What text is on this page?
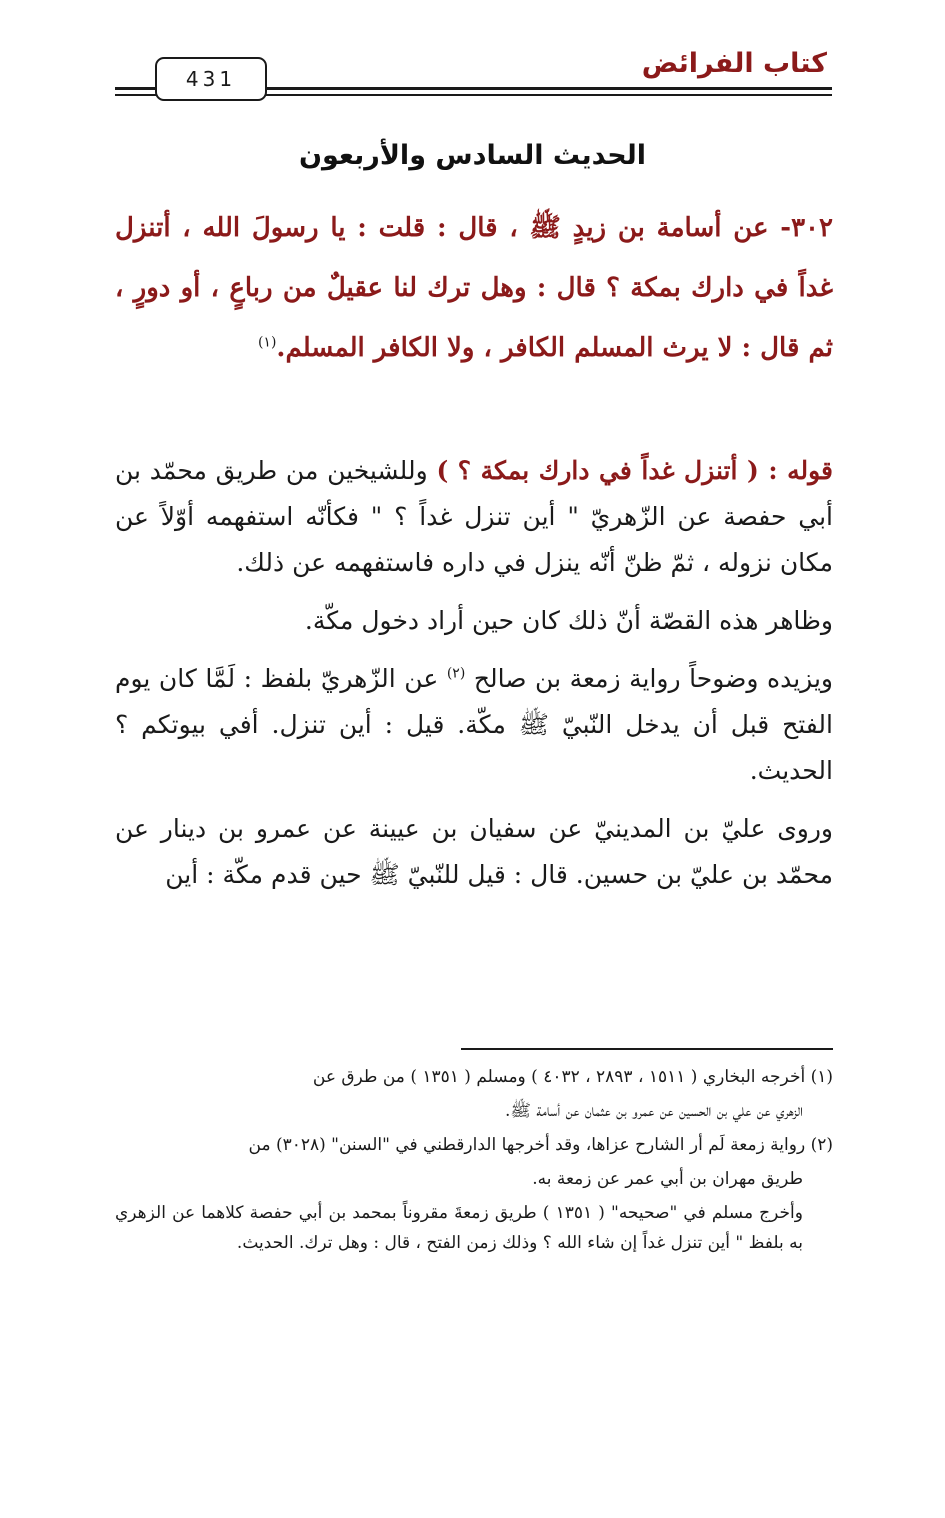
كتاب الفرائض
431
الحديث السادس والأربعون
٣٠٢- عن أسامة بن زيدٍ ﷺ ، قال : قلت : يا رسولَ الله ، أتنزل غداً في دارك بمكة ؟ قال : وهل ترك لنا عقيلٌ من رباعٍ ، أو دورٍ ، ثم قال : لا يرث المسلم الكافر ، ولا الكافر المسلم.$^{(١)}$

قوله : ( أتنزل غداً في دارك بمكة ؟ ) وللشيخين من طريق محمّد بن أبي حفصة عن الزّهريّ " أين تنزل غداً ؟ " فكأنّه استفهمه أوّلاً عن مكان نزوله ، ثمّ ظنّ أنّه ينزل في داره فاستفهمه عن ذلك.

وظاهر هذه القصّة أنّ ذلك كان حين أراد دخول مكّة.

ويزيده وضوحاً رواية زمعة بن صالح $^{(٢)}$ عن الزّهريّ بلفظ : لَمَّا كان يوم الفتح قبل أن يدخل النّبيّ ﷺ مكّة. قيل : أين تنزل. أفي بيوتكم ؟ الحديث.

وروى عليّ بن المدينيّ عن سفيان بن عيينة عن عمرو بن دينار عن محمّد بن عليّ بن حسين. قال : قيل للنّبيّ ﷺ حين قدم مكّة : أين

(١) أخرجه البخاري ( ١٥١١ ، ٢٨٩٣ ، ٤٠٣٢ ) ومسلم ( ١٣٥١ ) من طرق عن

الزهري عن علي بن الحسين عن عمرو بن عثمان عن أسامة ﷺ.

(٢) رواية زمعة لَم أر الشارح عزاها، وقد أخرجها الدارقطني في "السنن" (٣٠٢٨) من

طريق مهران بن أبي عمر عن زمعة به.

وأخرج مسلم في "صحيحه" ( ١٣٥١ ) طريق زمعةَ مقروناً بمحمد بن أبي حفصة كلاهما عن الزهري به بلفظ " أين تنزل غداً إن شاء الله ؟ وذلك زمن الفتح ، قال : وهل ترك. الحديث.
